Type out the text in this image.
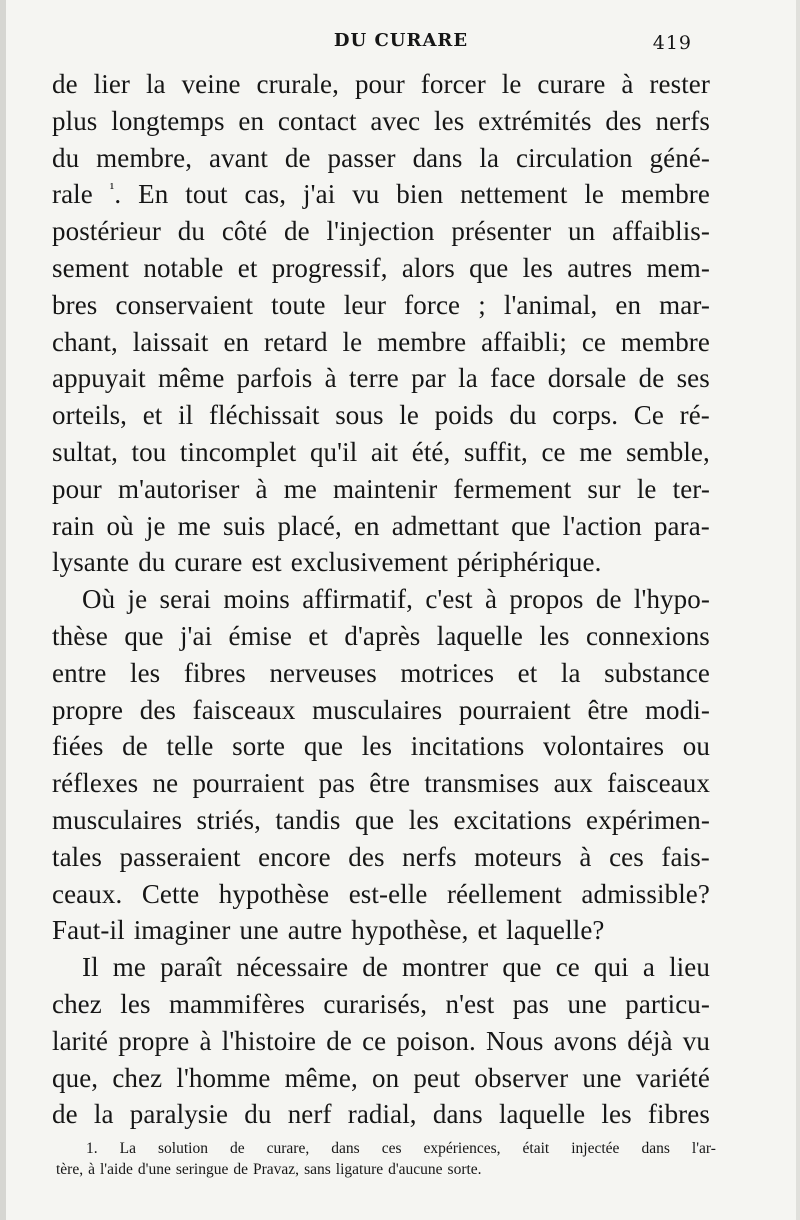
DU CURARE	419
de lier la veine crurale, pour forcer le curare à rester
plus longtemps en contact avec les extrémités des nerfs
du membre, avant de passer dans la circulation géné-
rale $^{^1}$. En tout cas, j'ai vu bien nettement le membre
postérieur du côté de l'injection présenter un affaiblis-
sement notable et progressif, alors que les autres mem-
bres conservaient toute leur force ; l'animal, en mar-
chant, laissait en retard le membre affaibli; ce membre
appuyait même parfois à terre par la face dorsale de ses
orteils, et il fléchissait sous le poids du corps. Ce ré-
sultat, tou tincomplet qu'il ait été, suffit, ce me semble,
pour m'autoriser à me maintenir fermement sur le ter-
rain où je me suis placé, en admettant que l'action para-
lysante du curare est exclusivement périphérique.
Où je serai moins affirmatif, c'est à propos de l'hypo-
thèse que j'ai émise et d'après laquelle les connexions
entre les fibres nerveuses motrices et la substance
propre des faisceaux musculaires pourraient être modi-
fiées de telle sorte que les incitations volontaires ou
réflexes ne pourraient pas être transmises aux faisceaux
musculaires striés, tandis que les excitations expérimen-
tales passeraient encore des nerfs moteurs à ces fais-
ceaux. Cette hypothèse est-elle réellement admissible?
Faut-il imaginer une autre hypothèse, et laquelle?
Il me paraît nécessaire de montrer que ce qui a lieu
chez les mammifères curarisés, n'est pas une particu-
larité propre à l'histoire de ce poison. Nous avons déjà vu
que, chez l'homme même, on peut observer une variété
de la paralysie du nerf radial, dans laquelle les fibres
1. La solution de curare, dans ces expériences, était injectée dans l'ar-
tère, à l'aide d'une seringue de Pravaz, sans ligature d'aucune sorte.
